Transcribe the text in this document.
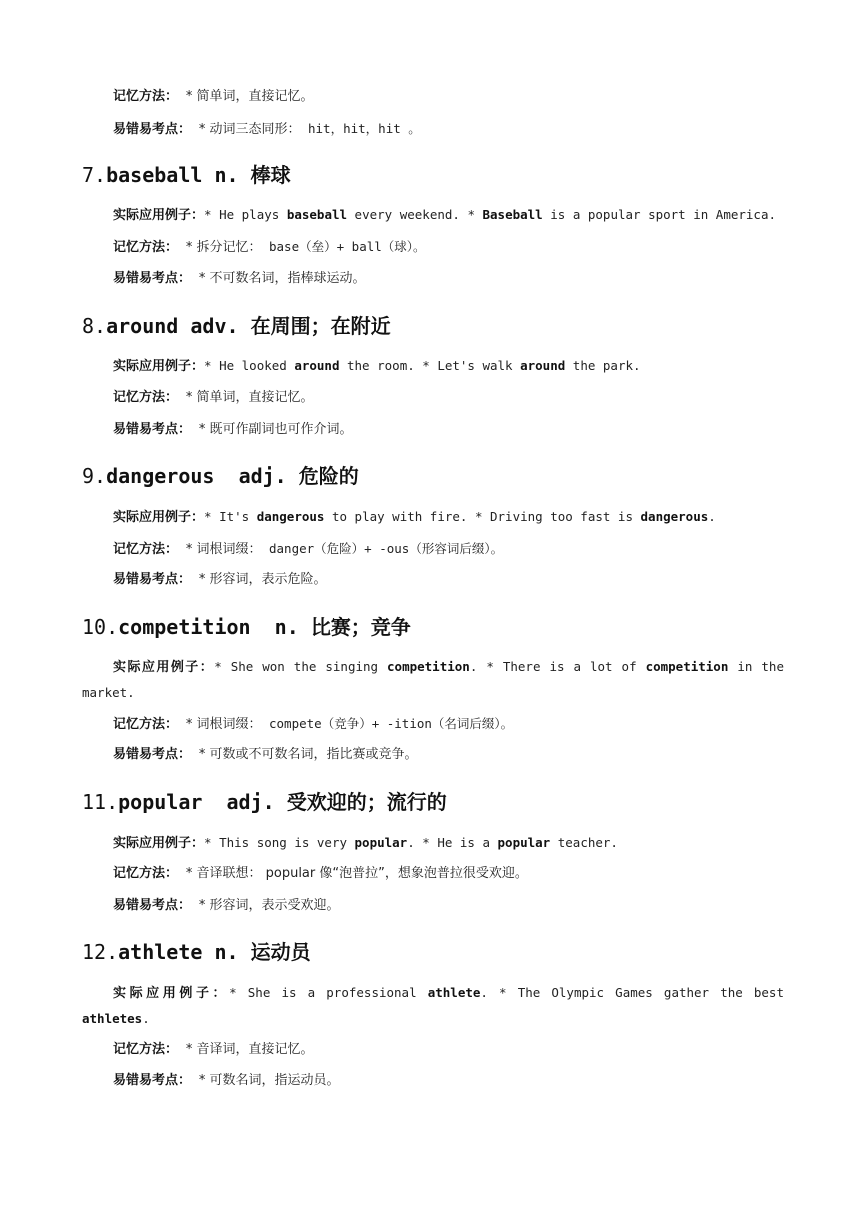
记忆方法： * 简单词，直接记忆。
易错易考点： * 动词三态同形： hit，hit，hit 。
7.baseball n. 棒球
实际应用例子：* He plays baseball every weekend. * Baseball is a popular sport in America.
记忆方法： * 拆分记忆： base（垒）+ ball（球）。
易错易考点： * 不可数名词，指棒球运动。
8.around adv. 在周围；在附近
实际应用例子：* He looked around the room. * Let's walk around the park.
记忆方法： * 简单词，直接记忆。
易错易考点： * 既可作副词也可作介词。
9.dangerous adj. 危险的
实际应用例子：* It's dangerous to play with fire. * Driving too fast is dangerous.
记忆方法： * 词根词缀： danger（危险）+ -ous（形容词后缀）。
易错易考点： * 形容词，表示危险。
10.competition n. 比赛；竞争
实际应用例子：* She won the singing competition. * There is a lot of competition in the market.
记忆方法： * 词根词缀： compete（竞争）+ -ition（名词后缀）。
易错易考点： * 可数或不可数名词，指比赛或竞争。
11.popular adj. 受欢迎的；流行的
实际应用例子：* This song is very popular. * He is a popular teacher.
记忆方法： * 音译联想： popular 像“泡普拉”，想象泡普拉很受欢迎。
易错易考点： * 形容词，表示受欢迎。
12.athlete n. 运动员
实际应用例子：* She is a professional athlete. * The Olympic Games gather the best athletes.
记忆方法： * 音译词，直接记忆。
易错易考点： * 可数名词，指运动员。
